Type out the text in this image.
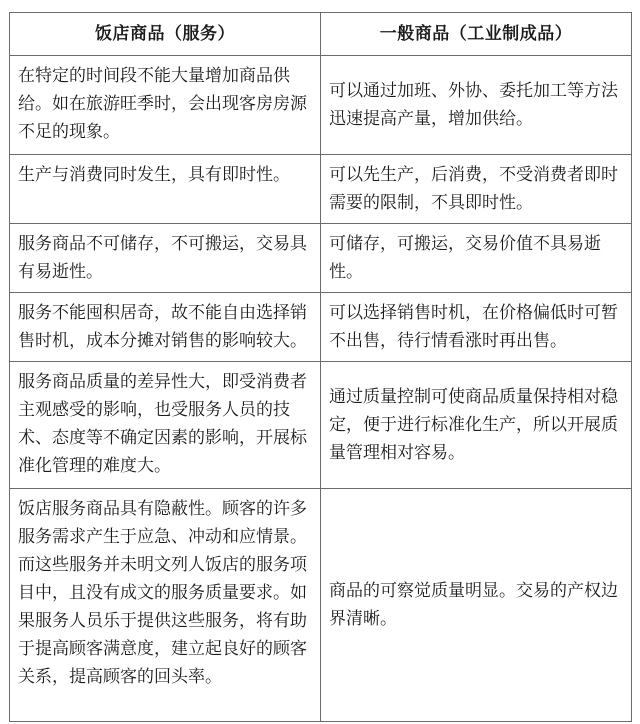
饭店商品（服务）	一般商品（工业制成品）
在特定的时间段不能大量增加商品供给。如在旅游旺季时，会出现客房房源不足的现象。	可以通过加班、外协、委托加工等方法迅速提高产量，增加供给。
生产与消费同时发生，具有即时性。	可以先生产，后消费，不受消费者即时需要的限制，不具即时性。
服务商品不可储存，不可搬运，交易具有易逝性。	可储存，可搬运，交易价值不具易逝性。
服务不能囤积居奇，故不能自由选择销售时机，成本分摊对销售的影响较大。	可以选择销售时机，在价格偏低时可暂不出售，待行情看涨时再出售。
服务商品质量的差异性大，即受消费者主观感受的影响，也受服务人员的技术、态度等不确定因素的影响，开展标准化管理的难度大。	通过质量控制可使商品质量保持相对稳定，便于进行标准化生产，所以开展质量管理相对容易。
饭店服务商品具有隐蔽性。顾客的许多服务需求产生于应急、冲动和应情景。而这些服务并未明文列人饭店的服务项目中，且没有成文的服务质量要求。如果服务人员乐于提供这些服务，将有助于提高顾客满意度，建立起良好的顾客关系，提高顾客的回头率。	商品的可察觉质量明显。交易的产权边界清晰。
